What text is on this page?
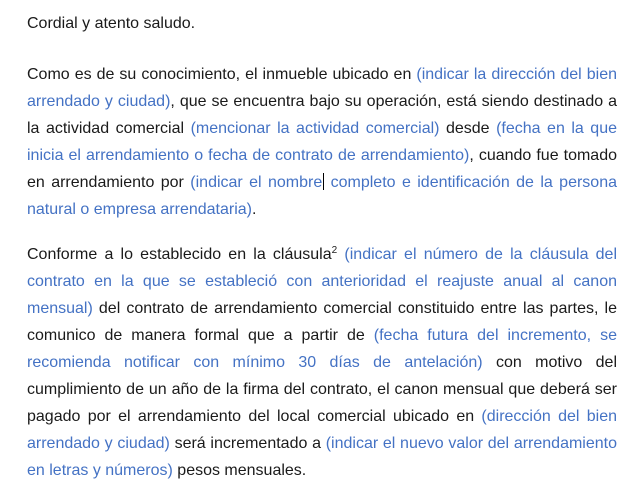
Cordial y atento saludo.

Como es de su conocimiento, el inmueble ubicado en (indicar la dirección del bien arrendado y ciudad), que se encuentra bajo su operación, está siendo destinado a la actividad comercial (mencionar la actividad comercial) desde (fecha en la que inicia el arrendamiento o fecha de contrato de arrendamiento), cuando fue tomado en arrendamiento por (indicar el nombre completo e identificación de la persona natural o empresa arrendataria).

Conforme a lo establecido en la cláusula$^2$ (indicar el número de la cláusula del contrato en la que se estableció con anterioridad el reajuste anual al canon mensual) del contrato de arrendamiento comercial constituido entre las partes, le comunico de manera formal que a partir de (fecha futura del incremento, se recomienda notificar con mínimo 30 días de antelación) con motivo del cumplimiento de un año de la firma del contrato, el canon mensual que deberá ser pagado por el arrendamiento del local comercial ubicado en (dirección del bien arrendado y ciudad) será incrementado a (indicar el nuevo valor del arrendamiento en letras y números) pesos mensuales.
